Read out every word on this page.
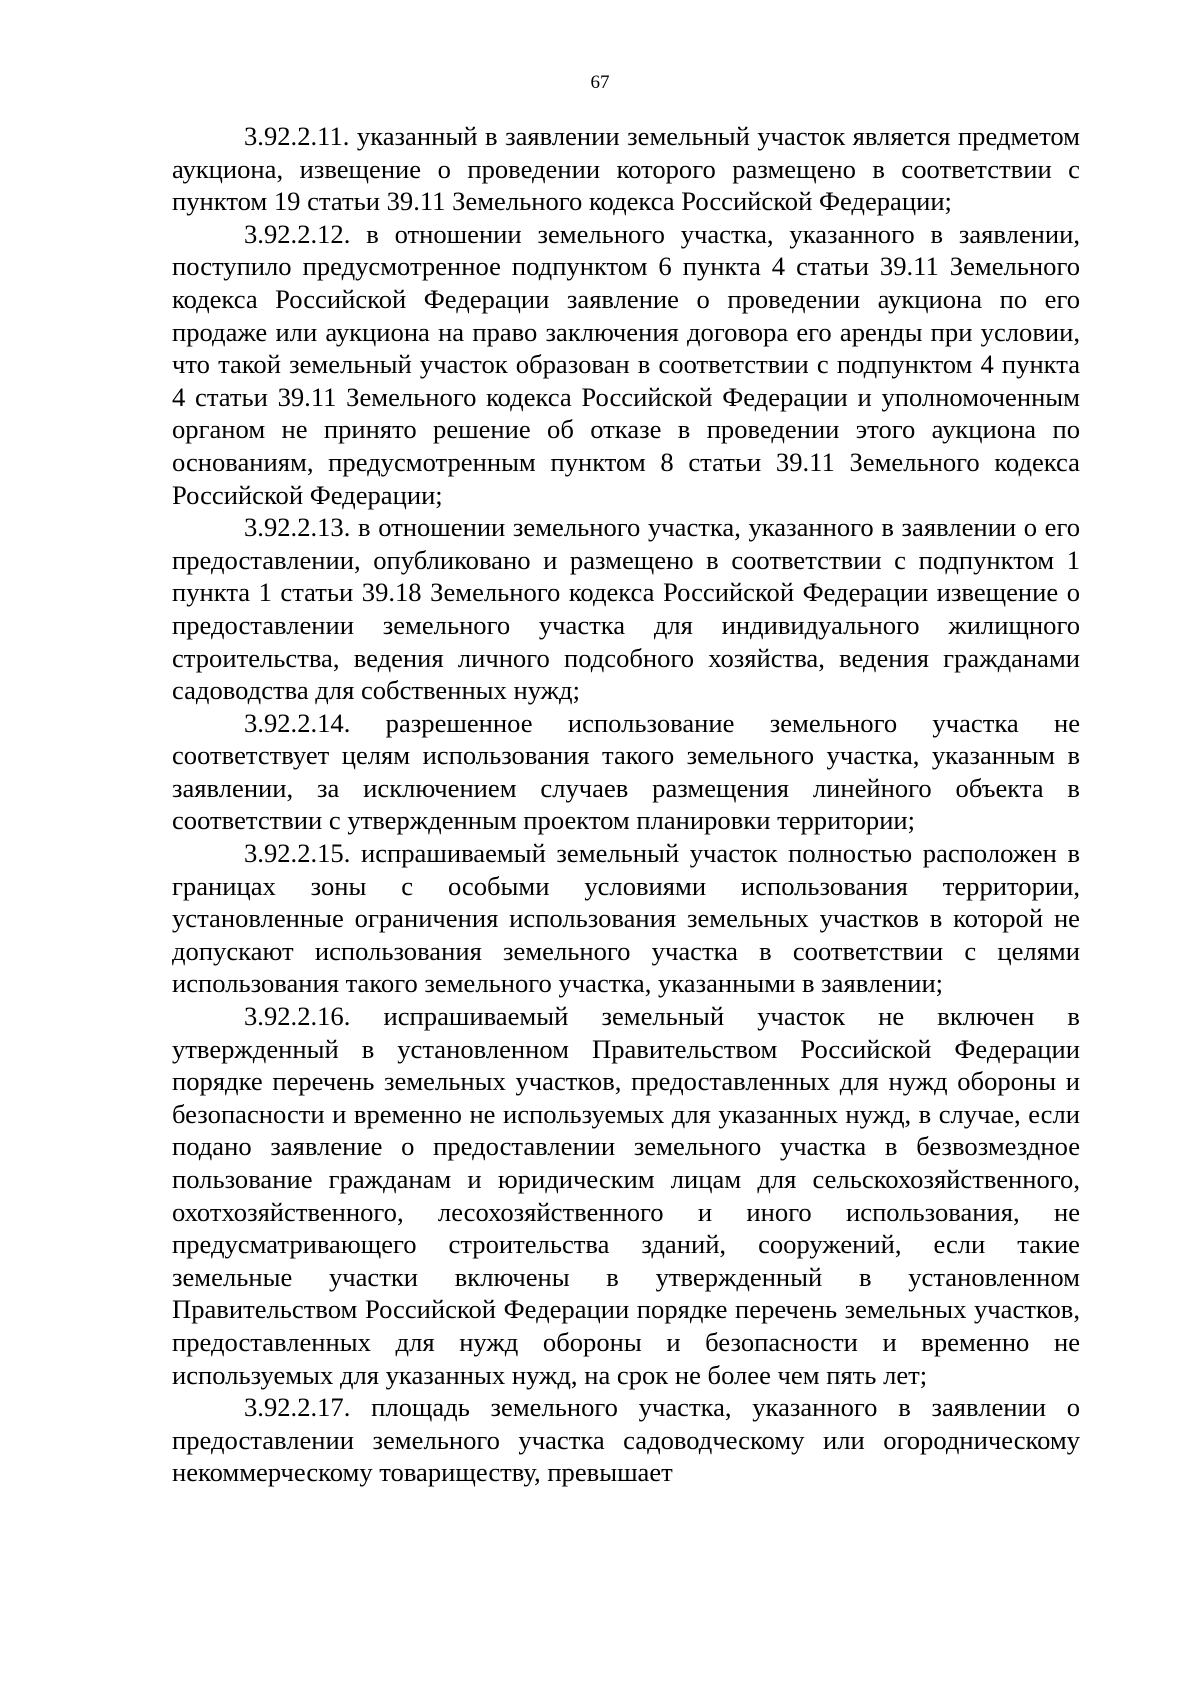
67

3.92.2.11. указанный в заявлении земельный участок является предметом аукциона, извещение о проведении которого размещено в соответствии с пунктом 19 статьи 39.11 Земельного кодекса Российской Федерации;

3.92.2.12. в отношении земельного участка, указанного в заявлении, поступило предусмотренное подпунктом 6 пункта 4 статьи 39.11 Земельного кодекса Российской Федерации заявление о проведении аукциона по его продаже или аукциона на право заключения договора его аренды при условии, что такой земельный участок образован в соответствии с подпунктом 4 пункта 4 статьи 39.11 Земельного кодекса Российской Федерации и уполномоченным органом не принято решение об отказе в проведении этого аукциона по основаниям, предусмотренным пунктом 8 статьи 39.11 Земельного кодекса Российской Федерации;

3.92.2.13. в отношении земельного участка, указанного в заявлении о его предоставлении, опубликовано и размещено в соответствии с подпунктом 1 пункта 1 статьи 39.18 Земельного кодекса Российской Федерации извещение о предоставлении земельного участка для индивидуального жилищного строительства, ведения личного подсобного хозяйства, ведения гражданами садоводства для собственных нужд;

3.92.2.14. разрешенное использование земельного участка не соответствует целям использования такого земельного участка, указанным в заявлении, за исключением случаев размещения линейного объекта в соответствии с утвержденным проектом планировки территории;

3.92.2.15. испрашиваемый земельный участок полностью расположен в границах зоны с особыми условиями использования территории, установленные ограничения использования земельных участков в которой не допускают использования земельного участка в соответствии с целями использования такого земельного участка, указанными в заявлении;

3.92.2.16. испрашиваемый земельный участок не включен в утвержденный в установленном Правительством Российской Федерации порядке перечень земельных участков, предоставленных для нужд обороны и безопасности и временно не используемых для указанных нужд, в случае, если подано заявление о предоставлении земельного участка в безвозмездное пользование гражданам и юридическим лицам для сельскохозяйственного, охотхозяйственного, лесохозяйственного и иного использования, не предусматривающего строительства зданий, сооружений, если такие земельные участки включены в утвержденный в установленном Правительством Российской Федерации порядке перечень земельных участков, предоставленных для нужд обороны и безопасности и временно не используемых для указанных нужд, на срок не более чем пять лет;

3.92.2.17. площадь земельного участка, указанного в заявлении о предоставлении земельного участка садоводческому или огородническому некоммерческому товариществу, превышает
